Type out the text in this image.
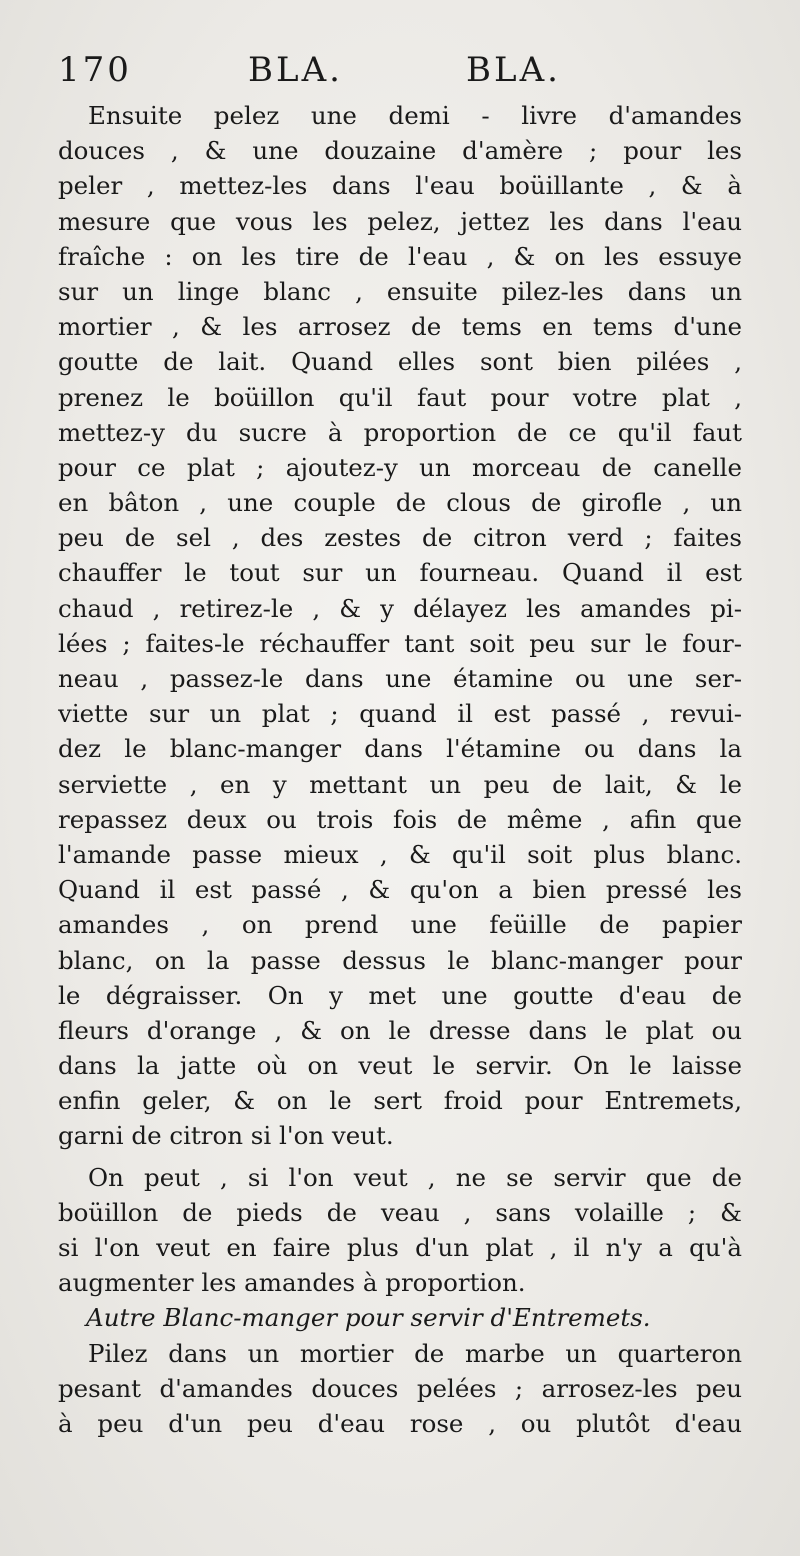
170	BLA.	BLA.
Ensuite pelez une demi - livre d'amandes
douces , & une douzaine d'amère ; pour les
peler , mettez-les dans l'eau boüillante , & à
mesure que vous les pelez, jettez les dans l'eau
fraîche : on les tire de l'eau , & on les essuye
sur un linge blanc , ensuite pilez-les dans un
mortier , & les arrosez de tems en tems d'une
goutte de lait. Quand elles sont bien pilées ,
prenez le boüillon qu'il faut pour votre plat ,
mettez-y du sucre à proportion de ce qu'il faut
pour ce plat ; ajoutez-y un morceau de canelle
en bâton , une couple de clous de girofle , un
peu de sel , des zestes de citron verd ; faites
chauffer le tout sur un fourneau. Quand il est
chaud , retirez-le , & y délayez les amandes pi-
lées ; faites-le réchauffer tant soit peu sur le four-
neau , passez-le dans une étamine ou une ser-
viette sur un plat ; quand il est passé , revui-
dez le blanc-manger dans l'étamine ou dans la
serviette , en y mettant un peu de lait, & le
repassez deux ou trois fois de même , afin que
l'amande passe mieux , & qu'il soit plus blanc.
Quand il est passé , & qu'on a bien pressé les
amandes , on prend une feüille de papier
blanc, on la passe dessus le blanc-manger pour
le dégraisser. On y met une goutte d'eau de
fleurs d'orange , & on le dresse dans le plat ou
dans la jatte où on veut le servir. On le laisse
enfin geler, & on le sert froid pour Entremets,
garni de citron si l'on veut.
On peut , si l'on veut , ne se servir que de
boüillon de pieds de veau , sans volaille ; &
si l'on veut en faire plus d'un plat , il n'y a qu'à
augmenter les amandes à proportion.
Autre Blanc-manger pour servir d'Entremets.
Pilez dans un mortier de marbe un quarteron
pesant d'amandes douces pelées ; arrosez-les peu
à peu d'un peu d'eau rose , ou plutôt d'eau
